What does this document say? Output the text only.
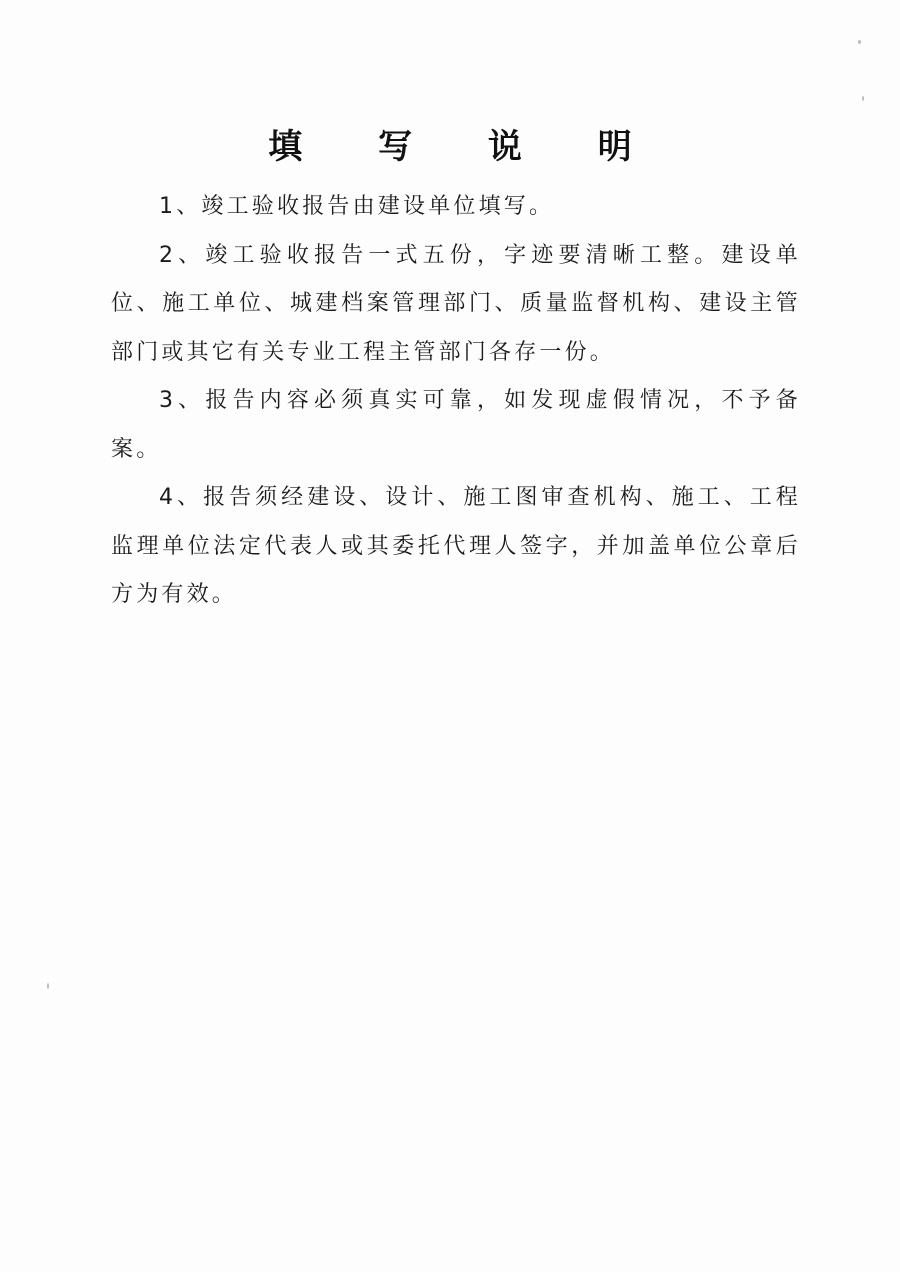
填 写 说 明

1、竣工验收报告由建设单位填写。

2、竣工验收报告一式五份，字迹要清晰工整。建设单位、施工单位、城建档案管理部门、质量监督机构、建设主管部门或其它有关专业工程主管部门各存一份。

3、报告内容必须真实可靠，如发现虚假情况，不予备案。

4、报告须经建设、设计、施工图审查机构、施工、工程监理单位法定代表人或其委托代理人签字，并加盖单位公章后方为有效。
